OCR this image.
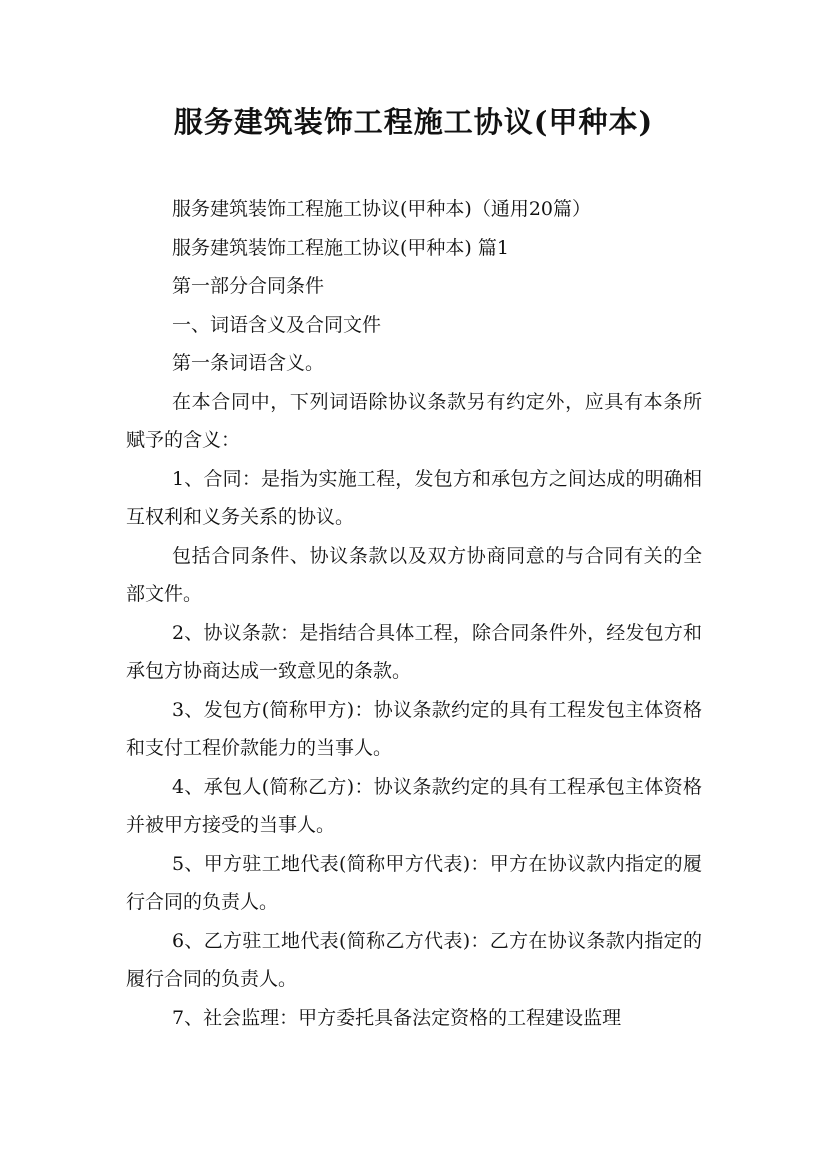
服务建筑装饰工程施工协议(甲种本)

服务建筑装饰工程施工协议(甲种本)（通用20篇）

服务建筑装饰工程施工协议(甲种本) 篇1

第一部分合同条件

一、词语含义及合同文件

第一条词语含义。

在本合同中，下列词语除协议条款另有约定外，应具有本条所赋予的含义：

1、合同：是指为实施工程，发包方和承包方之间达成的明确相互权利和义务关系的协议。

包括合同条件、协议条款以及双方协商同意的与合同有关的全部文件。

2、协议条款：是指结合具体工程，除合同条件外，经发包方和承包方协商达成一致意见的条款。

3、发包方(简称甲方)：协议条款约定的具有工程发包主体资格和支付工程价款能力的当事人。

4、承包人(简称乙方)：协议条款约定的具有工程承包主体资格并被甲方接受的当事人。

5、甲方驻工地代表(简称甲方代表)：甲方在协议款内指定的履行合同的负责人。

6、乙方驻工地代表(简称乙方代表)：乙方在协议条款内指定的履行合同的负责人。

7、社会监理：甲方委托具备法定资格的工程建设监理
